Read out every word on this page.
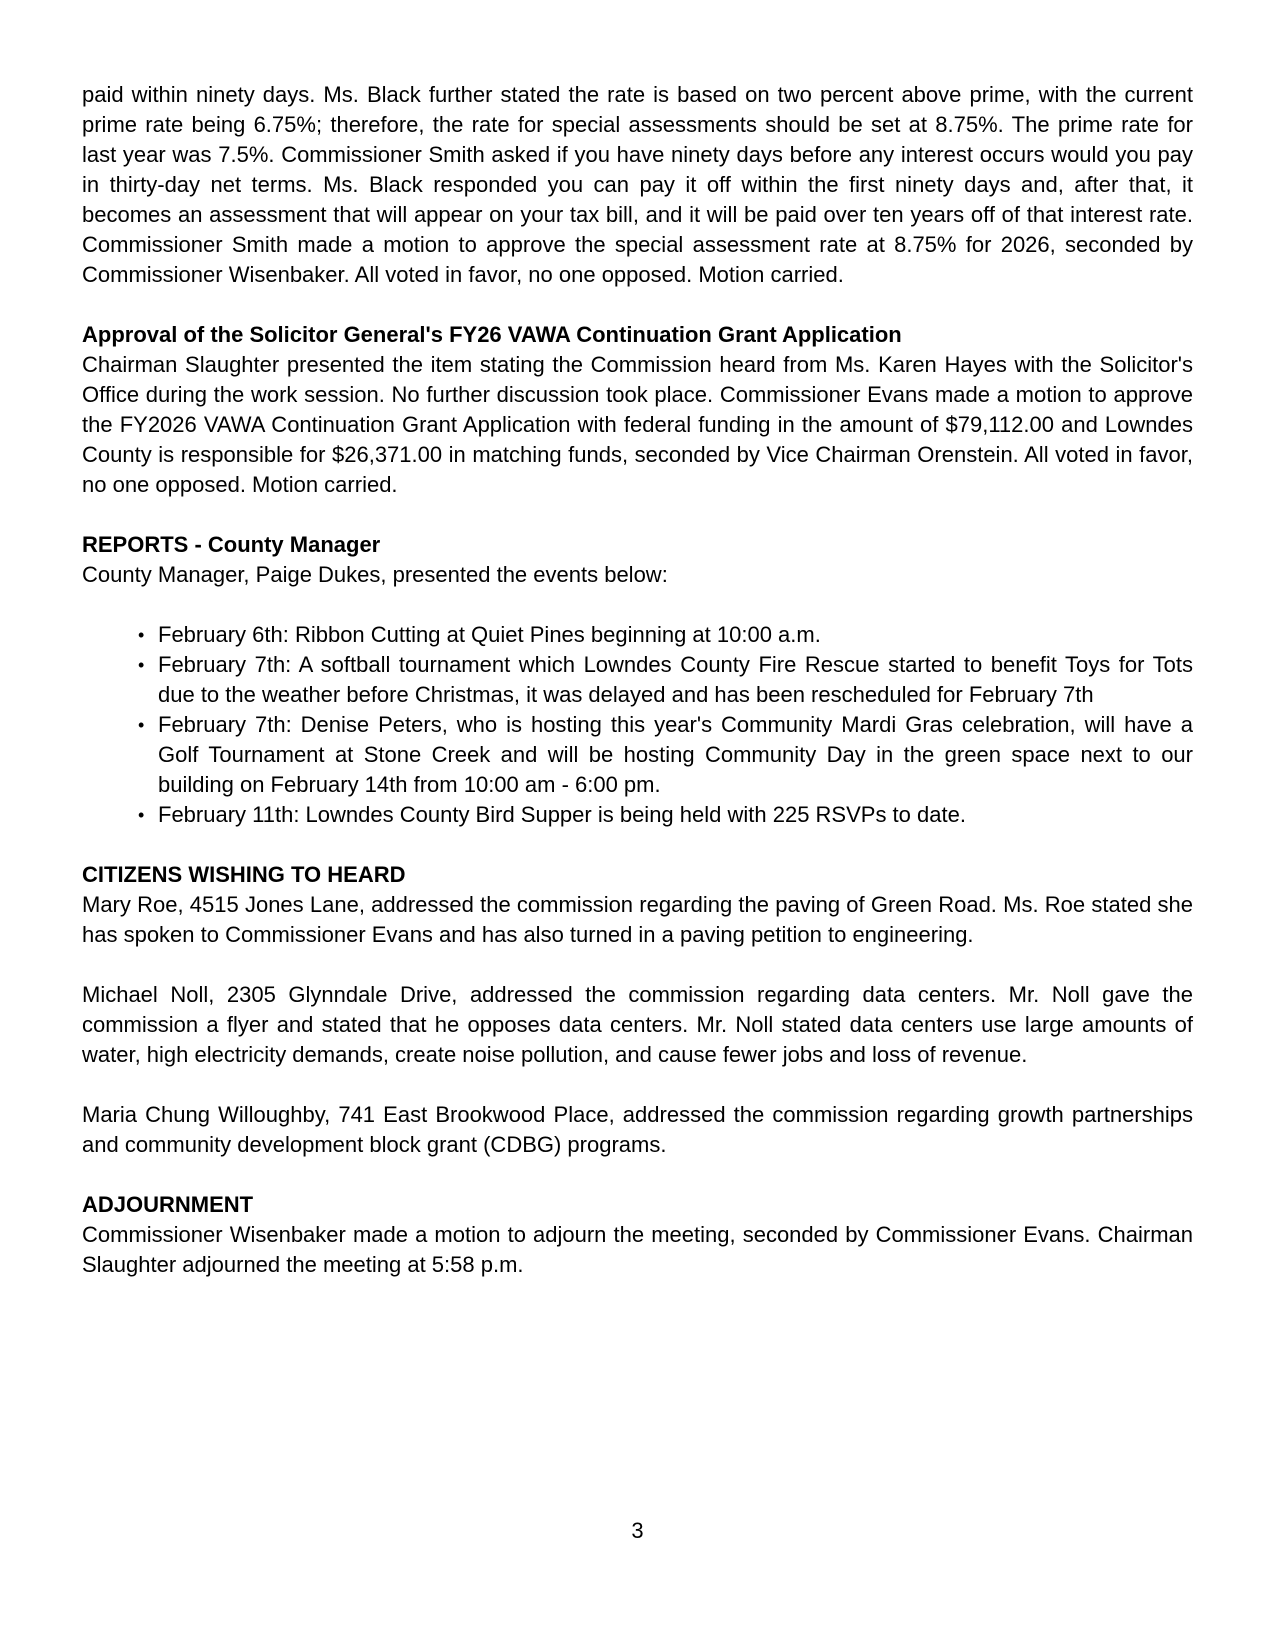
paid within ninety days. Ms. Black further stated the rate is based on two percent above prime, with the current prime rate being 6.75%; therefore, the rate for special assessments should be set at 8.75%. The prime rate for last year was 7.5%. Commissioner Smith asked if you have ninety days before any interest occurs would you pay in thirty-day net terms. Ms. Black responded you can pay it off within the first ninety days and, after that, it becomes an assessment that will appear on your tax bill, and it will be paid over ten years off of that interest rate. Commissioner Smith made a motion to approve the special assessment rate at 8.75% for 2026, seconded by Commissioner Wisenbaker. All voted in favor, no one opposed. Motion carried.

Approval of the Solicitor General's FY26 VAWA Continuation Grant Application

Chairman Slaughter presented the item stating the Commission heard from Ms. Karen Hayes with the Solicitor's Office during the work session. No further discussion took place. Commissioner Evans made a motion to approve the FY2026 VAWA Continuation Grant Application with federal funding in the amount of $79,112.00 and Lowndes County is responsible for $26,371.00 in matching funds, seconded by Vice Chairman Orenstein. All voted in favor, no one opposed. Motion carried.

REPORTS - County Manager

County Manager, Paige Dukes, presented the events below:

• February 6th: Ribbon Cutting at Quiet Pines beginning at 10:00 a.m.
• February 7th: A softball tournament which Lowndes County Fire Rescue started to benefit Toys for Tots due to the weather before Christmas, it was delayed and has been rescheduled for February 7th
• February 7th: Denise Peters, who is hosting this year's Community Mardi Gras celebration, will have a Golf Tournament at Stone Creek and will be hosting Community Day in the green space next to our building on February 14th from 10:00 am - 6:00 pm.
• February 11th: Lowndes County Bird Supper is being held with 225 RSVPs to date.
CITIZENS WISHING TO HEARD

Mary Roe, 4515 Jones Lane, addressed the commission regarding the paving of Green Road. Ms. Roe stated she has spoken to Commissioner Evans and has also turned in a paving petition to engineering.

Michael Noll, 2305 Glynndale Drive, addressed the commission regarding data centers. Mr. Noll gave the commission a flyer and stated that he opposes data centers. Mr. Noll stated data centers use large amounts of water, high electricity demands, create noise pollution, and cause fewer jobs and loss of revenue.

Maria Chung Willoughby, 741 East Brookwood Place, addressed the commission regarding growth partnerships and community development block grant (CDBG) programs.

ADJOURNMENT

Commissioner Wisenbaker made a motion to adjourn the meeting, seconded by Commissioner Evans. Chairman Slaughter adjourned the meeting at 5:58 p.m.

3
